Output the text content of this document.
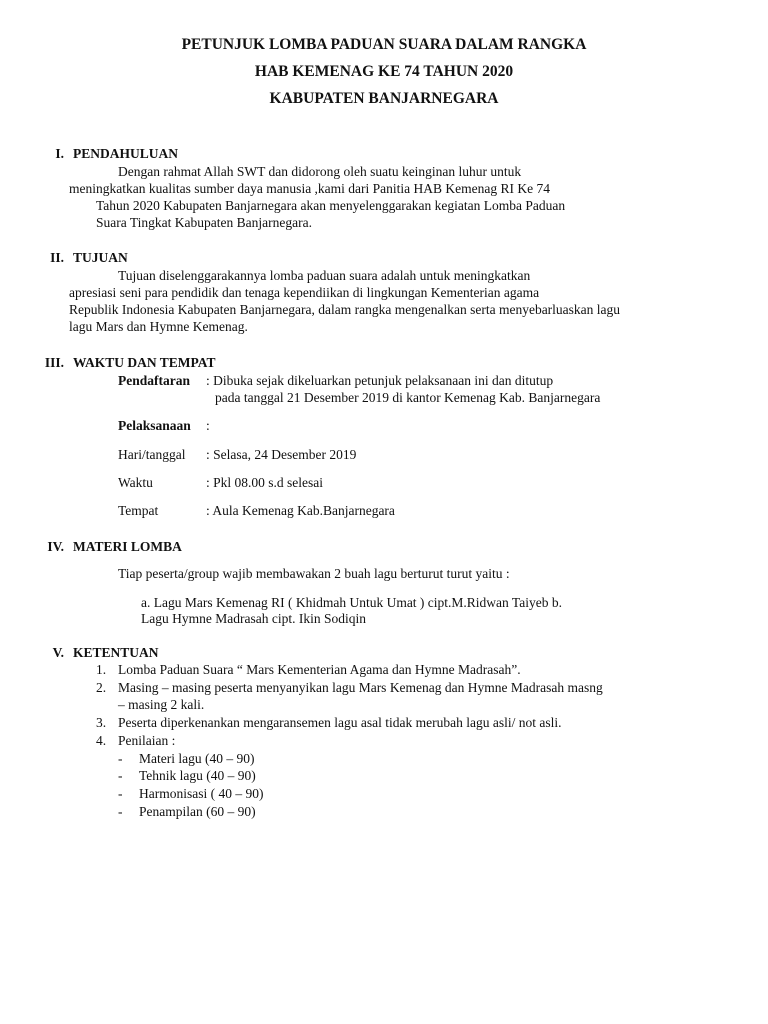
PETUNJUK LOMBA PADUAN SUARA DALAM RANGKA
HAB KEMENAG KE 74 TAHUN 2020
KABUPATEN BANJARNEGARA
I. PENDAHULUAN
Dengan rahmat Allah SWT dan didorong oleh suatu keinginan luhur untuk
meningkatkan kualitas sumber daya manusia ,kami dari Panitia HAB Kemenag RI Ke 74
Tahun 2020 Kabupaten Banjarnegara akan menyelenggarakan kegiatan Lomba Paduan
Suara Tingkat Kabupaten Banjarnegara.
II. TUJUAN
Tujuan diselenggarakannya lomba paduan suara adalah untuk meningkatkan
apresiasi seni para pendidik dan tenaga kependiikan di lingkungan Kementerian agama
Republik Indonesia Kabupaten Banjarnegara, dalam rangka mengenalkan serta menyebarluaskan lagu
lagu Mars dan Hymne Kemenag.
III. WAKTU DAN TEMPAT
Pendaftaran : Dibuka sejak dikeluarkan petunjuk pelaksanaan ini dan ditutup
pada tanggal 21 Desember 2019 di kantor Kemenag Kab. Banjarnegara
Pelaksanaan :
Hari/tanggal : Selasa, 24 Desember 2019
Waktu	: Pkl 08.00 s.d selesai
Tempat	: Aula Kemenag Kab.Banjarnegara
IV. MATERI LOMBA
Tiap peserta/group wajib membawakan 2 buah lagu berturut turut yaitu :
a. Lagu Mars Kemenag RI ( Khidmah Untuk Umat ) cipt.M.Ridwan Taiyeb b.
Lagu Hymne Madrasah cipt. Ikin Sodiqin
V. KETENTUAN
1. Lomba Paduan Suara “ Mars Kementerian Agama dan Hymne Madrasah”.
2. Masing – masing peserta menyanyikan lagu Mars Kemenag dan Hymne Madrasah masng
– masing 2 kali.
3. Peserta diperkenankan mengaransemen lagu asal tidak merubah lagu asli/ not asli.
4. Penilaian :
- Materi lagu (40 – 90)
- Tehnik lagu (40 – 90)
- Harmonisasi ( 40 – 90)
- Penampilan (60 – 90)
